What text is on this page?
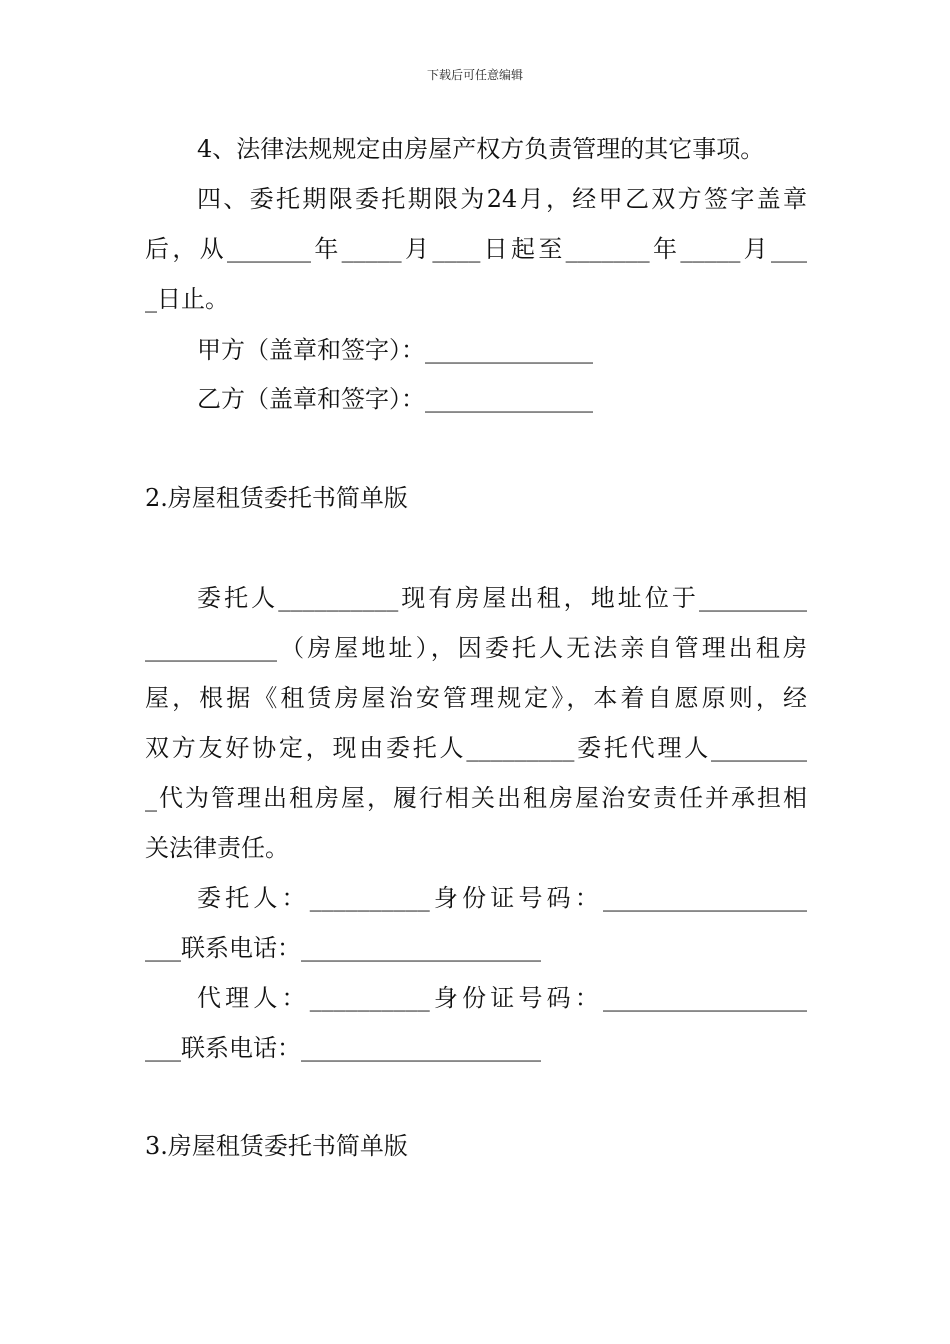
下载后可任意编辑
4、法律法规规定由房屋产权方负责管理的其它事项。
四、委托期限委托期限为24月，经甲乙双方签字盖章
后，从_______年_____月____日起至_______年_____月___
_日止。
甲方（盖章和签字）：______________
乙方（盖章和签字）：______________
2.房屋租赁委托书简单版
委托人__________现有房屋出租，地址位于_________
___________（房屋地址），因委托人无法亲自管理出租房
屋，根据《租赁房屋治安管理规定》，本着自愿原则，经
双方友好协定，现由委托人_________委托代理人________
_代为管理出租房屋，履行相关出租房屋治安责任并承担相
关法律责任。
委托人：__________身份证号码：_________________
___联系电话：____________________
代理人：__________身份证号码：_________________
___联系电话：____________________
3.房屋租赁委托书简单版
